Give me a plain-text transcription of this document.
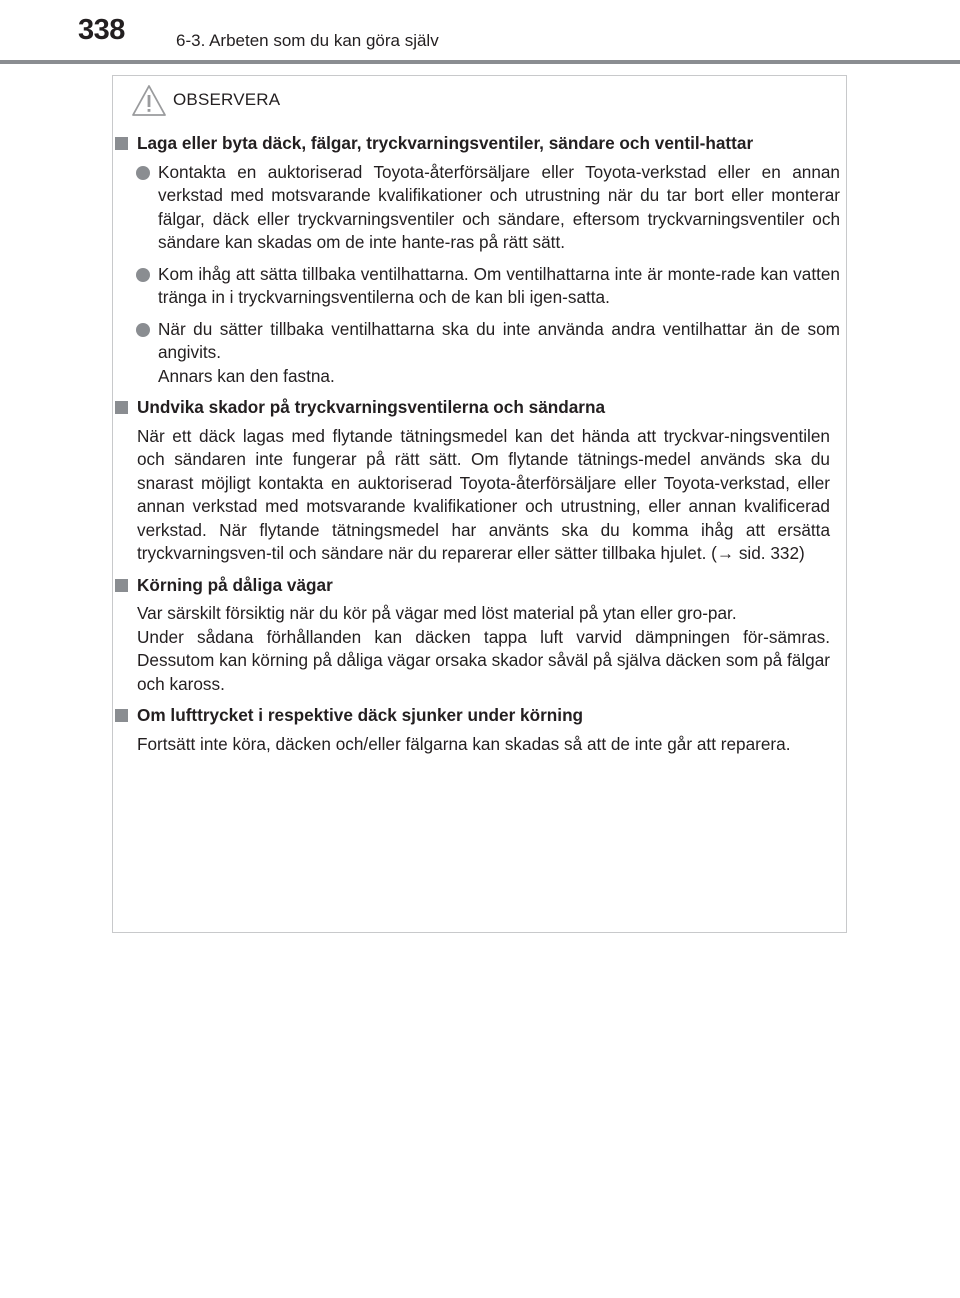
338	6-3. Arbeten som du kan göra själv
OBSERVERA
Laga eller byta däck, fälgar, tryckvarningsventiler, sändare och ventil-hattar
Kontakta en auktoriserad Toyota-återförsäljare eller Toyota-verkstad eller en annan verkstad med motsvarande kvalifikationer och utrustning när du tar bort eller monterar fälgar, däck eller tryckvarningsventiler och sändare, eftersom tryckvarningsventiler och sändare kan skadas om de inte hante-ras på rätt sätt.
Kom ihåg att sätta tillbaka ventilhattarna. Om ventilhattarna inte är monte-rade kan vatten tränga in i tryckvarningsventilerna och de kan bli igen-satta.
När du sätter tillbaka ventilhattarna ska du inte använda andra ventilhattar än de som angivits.
Annars kan den fastna.
Undvika skador på tryckvarningsventilerna och sändarna
När ett däck lagas med flytande tätningsmedel kan det hända att tryckvar-ningsventilen och sändaren inte fungerar på rätt sätt. Om flytande tätnings-medel används ska du snarast möjligt kontakta en auktoriserad Toyota-återförsäljare eller Toyota-verkstad, eller annan verkstad med motsvarande kvalifikationer och utrustning, eller annan kvalificerad verkstad. När flytande tätningsmedel har använts ska du komma ihåg att ersätta tryckvarningsven-til och sändare när du reparerar eller sätter tillbaka hjulet. (→ sid. 332)
Körning på dåliga vägar
Var särskilt försiktig när du kör på vägar med löst material på ytan eller gro-par.
Under sådana förhållanden kan däcken tappa luft varvid dämpningen för-sämras. Dessutom kan körning på dåliga vägar orsaka skador såväl på själva däcken som på fälgar och kaross.
Om lufttrycket i respektive däck sjunker under körning
Fortsätt inte köra, däcken och/eller fälgarna kan skadas så att de inte går att reparera.
